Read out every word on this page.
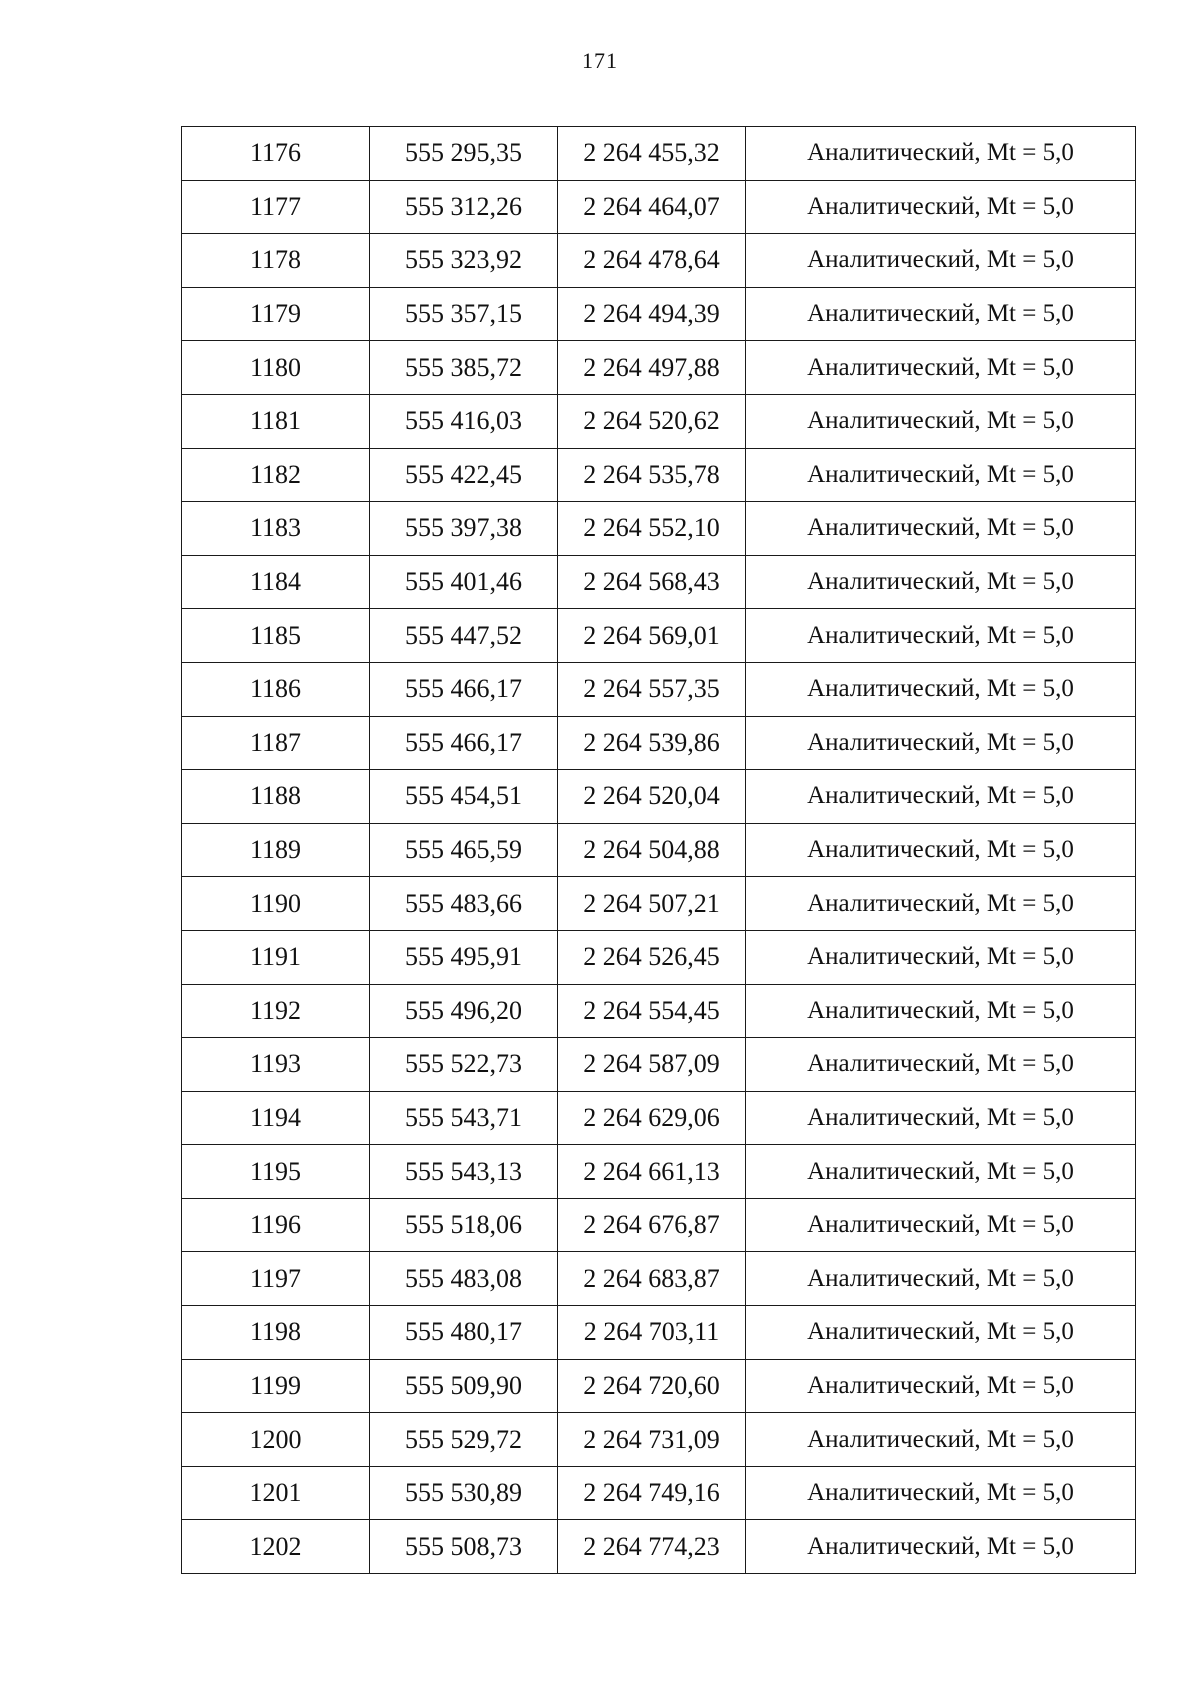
171
1176	555 295,35	2 264 455,32	Аналитический, Mt = 5,0
1177	555 312,26	2 264 464,07	Аналитический, Mt = 5,0
1178	555 323,92	2 264 478,64	Аналитический, Mt = 5,0
1179	555 357,15	2 264 494,39	Аналитический, Mt = 5,0
1180	555 385,72	2 264 497,88	Аналитический, Mt = 5,0
1181	555 416,03	2 264 520,62	Аналитический, Mt = 5,0
1182	555 422,45	2 264 535,78	Аналитический, Mt = 5,0
1183	555 397,38	2 264 552,10	Аналитический, Mt = 5,0
1184	555 401,46	2 264 568,43	Аналитический, Mt = 5,0
1185	555 447,52	2 264 569,01	Аналитический, Mt = 5,0
1186	555 466,17	2 264 557,35	Аналитический, Mt = 5,0
1187	555 466,17	2 264 539,86	Аналитический, Mt = 5,0
1188	555 454,51	2 264 520,04	Аналитический, Mt = 5,0
1189	555 465,59	2 264 504,88	Аналитический, Mt = 5,0
1190	555 483,66	2 264 507,21	Аналитический, Mt = 5,0
1191	555 495,91	2 264 526,45	Аналитический, Mt = 5,0
1192	555 496,20	2 264 554,45	Аналитический, Mt = 5,0
1193	555 522,73	2 264 587,09	Аналитический, Mt = 5,0
1194	555 543,71	2 264 629,06	Аналитический, Mt = 5,0
1195	555 543,13	2 264 661,13	Аналитический, Mt = 5,0
1196	555 518,06	2 264 676,87	Аналитический, Mt = 5,0
1197	555 483,08	2 264 683,87	Аналитический, Mt = 5,0
1198	555 480,17	2 264 703,11	Аналитический, Mt = 5,0
1199	555 509,90	2 264 720,60	Аналитический, Mt = 5,0
1200	555 529,72	2 264 731,09	Аналитический, Mt = 5,0
1201	555 530,89	2 264 749,16	Аналитический, Mt = 5,0
1202	555 508,73	2 264 774,23	Аналитический, Mt = 5,0
